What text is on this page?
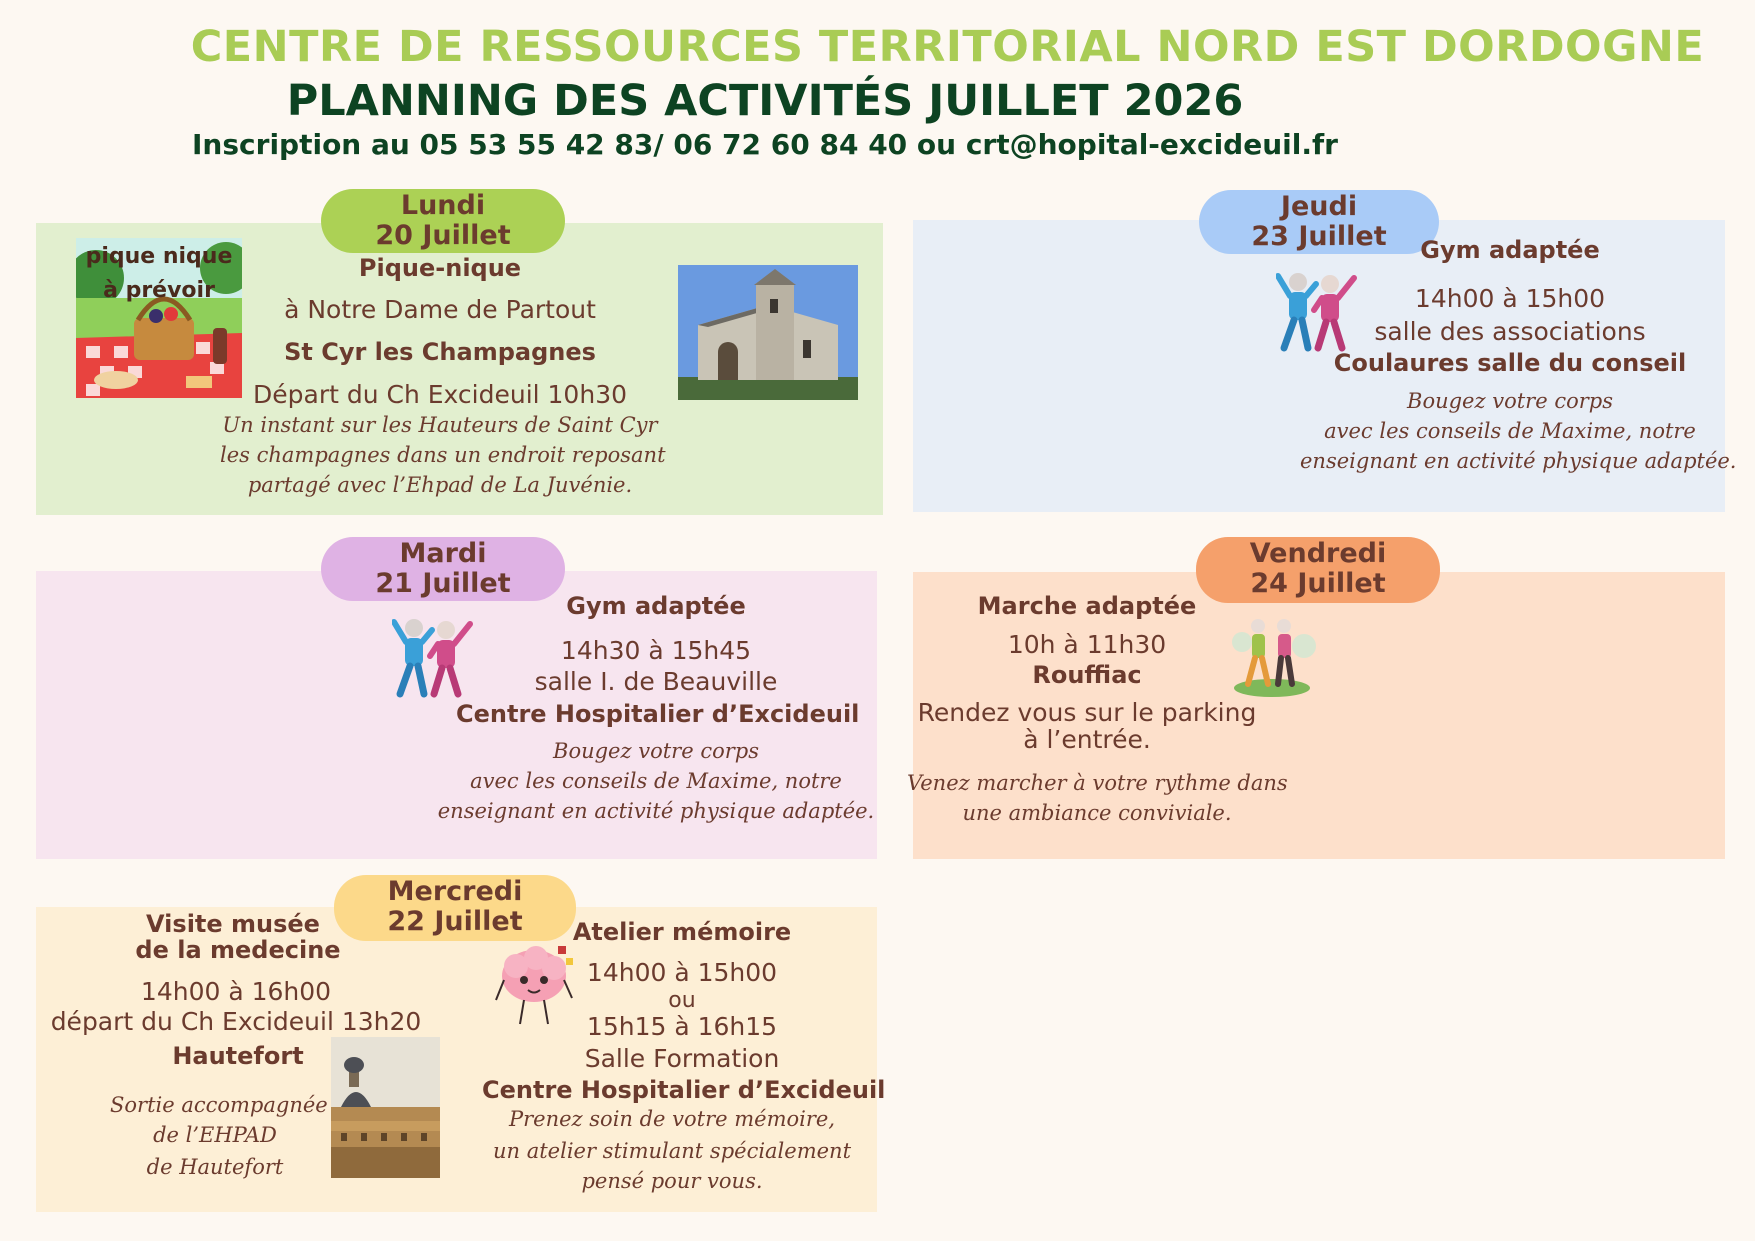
CENTRE DE RESSOURCES TERRITORIAL NORD EST DORDOGNE
PLANNING DES ACTIVITÉS JUILLET 2026
Inscription au 05 53 55 42 83/ 06 72 60 84 40 ou crt@hopital-excideuil.fr
Lundi
20 Juillet
pique nique
à prévoir
Pique-nique
à Notre Dame de Partout
St Cyr les Champagnes
Départ du Ch Excideuil 10h30
Un instant sur les Hauteurs de Saint Cyr
les champagnes dans un endroit reposant
partagé avec l’Ehpad de La Juvénie.
Mardi
21 Juillet
Gym adaptée
14h30 à 15h45
salle I. de Beauville
Centre Hospitalier d’Excideuil
Bougez votre corps
avec les conseils de Maxime, notre
enseignant en activité physique adaptée.
Mercredi
22 Juillet
Visite musée
de la medecine
14h00 à 16h00
départ du Ch Excideuil 13h20
Hautefort
Sortie accompagnée
de l’EHPAD
de Hautefort
Atelier mémoire
14h00 à 15h00
ou
15h15 à 16h15
Salle Formation
Centre Hospitalier d’Excideuil
Prenez soin de votre mémoire,
un atelier stimulant spécialement
pensé pour vous.
Jeudi
23 Juillet	Gym adaptée
14h00 à 15h00
salle des associations
Coulaures salle du conseil
Bougez votre corps
avec les conseils de Maxime, notre
enseignant en activité physique adaptée.
Vendredi
24 Juillet
Marche adaptée
10h à 11h30
Rouffiac
Rendez vous sur le parking
à l’entrée.
Venez marcher à votre rythme dans
une ambiance conviviale.
